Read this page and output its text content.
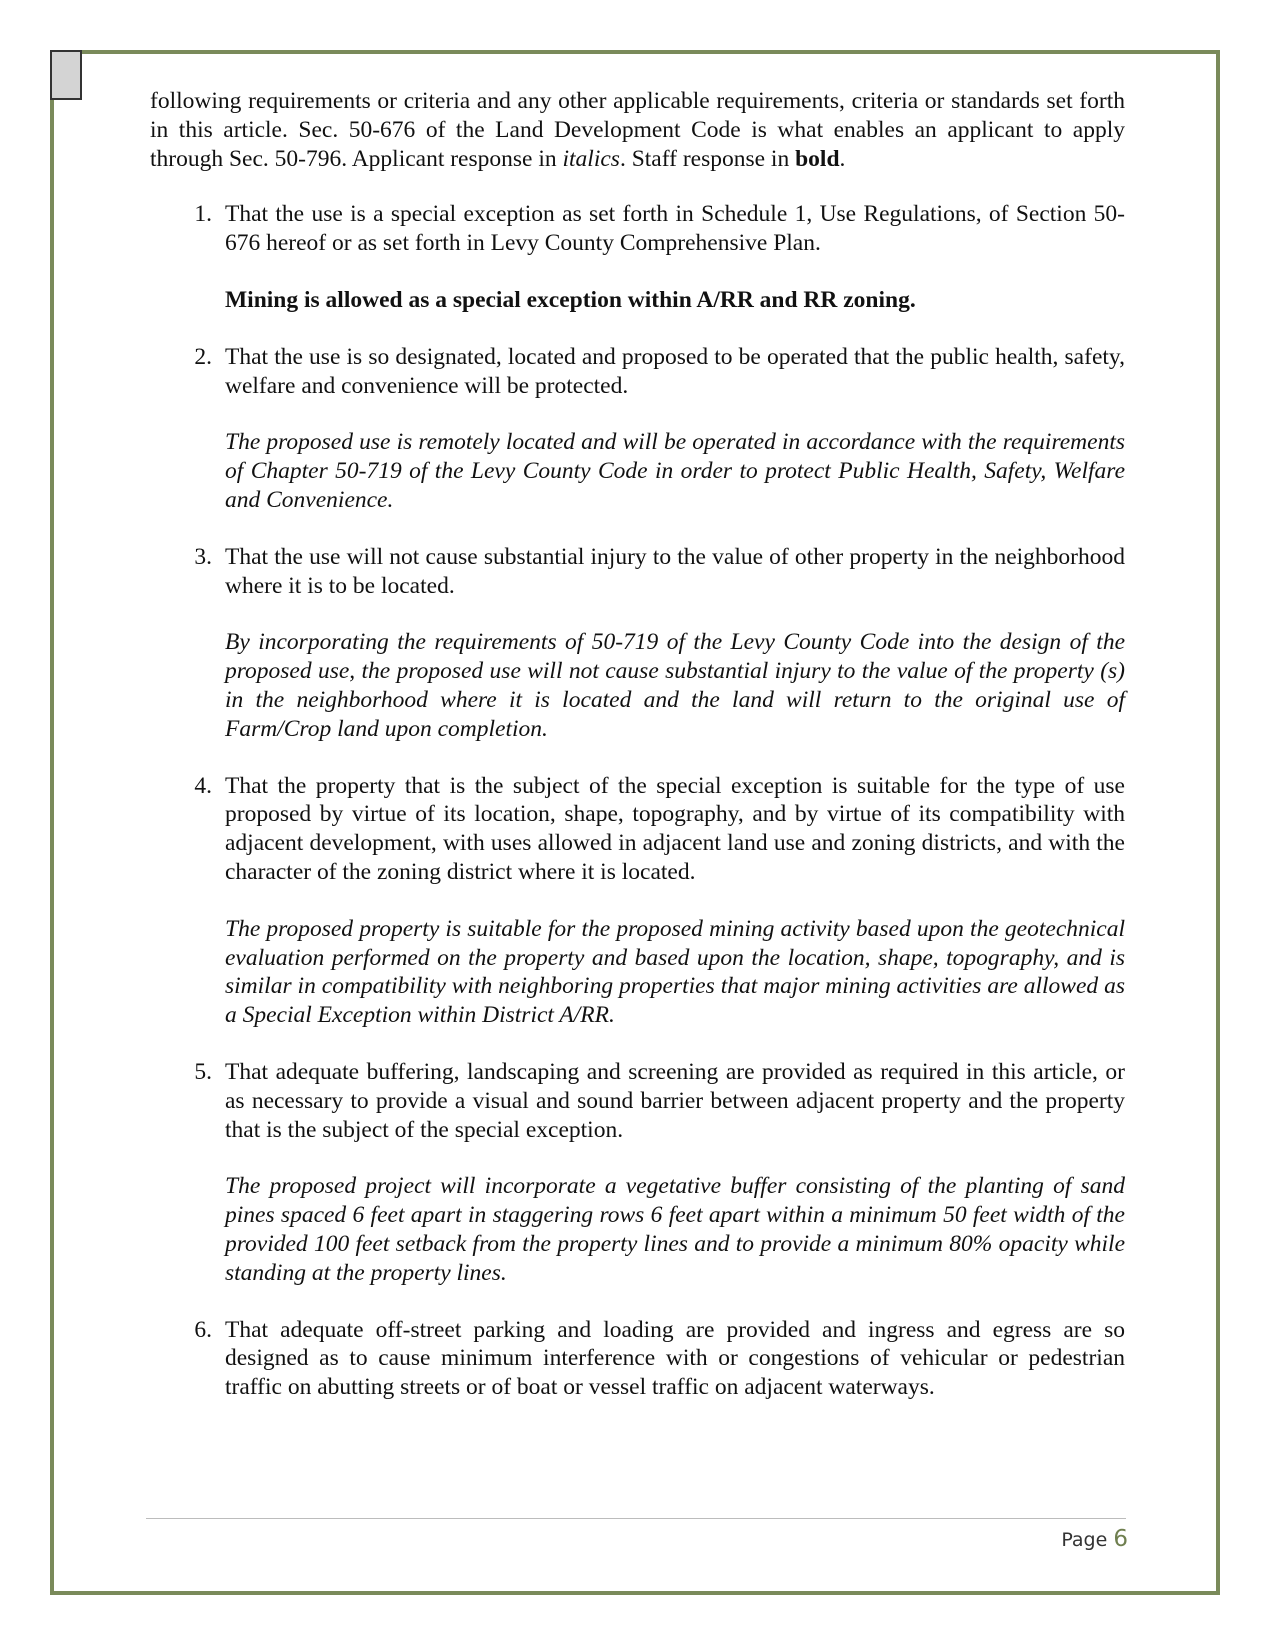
following requirements or criteria and any other applicable requirements, criteria or standards set forth in this article. Sec. 50-676 of the Land Development Code is what enables an applicant to apply through Sec. 50-796. Applicant response in italics. Staff response in bold.

1. That the use is a special exception as set forth in Schedule 1, Use Regulations, of Section 50-676 hereof or as set forth in Levy County Comprehensive Plan.

Mining is allowed as a special exception within A/RR and RR zoning.

2. That the use is so designated, located and proposed to be operated that the public health, safety, welfare and convenience will be protected.

The proposed use is remotely located and will be operated in accordance with the requirements of Chapter 50-719 of the Levy County Code in order to protect Public Health, Safety, Welfare and Convenience.

3. That the use will not cause substantial injury to the value of other property in the neighborhood where it is to be located.

By incorporating the requirements of 50-719 of the Levy County Code into the design of the proposed use, the proposed use will not cause substantial injury to the value of the property (s) in the neighborhood where it is located and the land will return to the original use of Farm/Crop land upon completion.

4. That the property that is the subject of the special exception is suitable for the type of use proposed by virtue of its location, shape, topography, and by virtue of its compatibility with adjacent development, with uses allowed in adjacent land use and zoning districts, and with the character of the zoning district where it is located.

The proposed property is suitable for the proposed mining activity based upon the geotechnical evaluation performed on the property and based upon the location, shape, topography, and is similar in compatibility with neighboring properties that major mining activities are allowed as a Special Exception within District A/RR.

5. That adequate buffering, landscaping and screening are provided as required in this article, or as necessary to provide a visual and sound barrier between adjacent property and the property that is the subject of the special exception.

The proposed project will incorporate a vegetative buffer consisting of the planting of sand pines spaced 6 feet apart in staggering rows 6 feet apart within a minimum 50 feet width of the provided 100 feet setback from the property lines and to provide a minimum 80% opacity while standing at the property lines.

6. That adequate off-street parking and loading are provided and ingress and egress are so designed as to cause minimum interference with or congestions of vehicular or pedestrian traffic on abutting streets or of boat or vessel traffic on adjacent waterways.

Page 6
